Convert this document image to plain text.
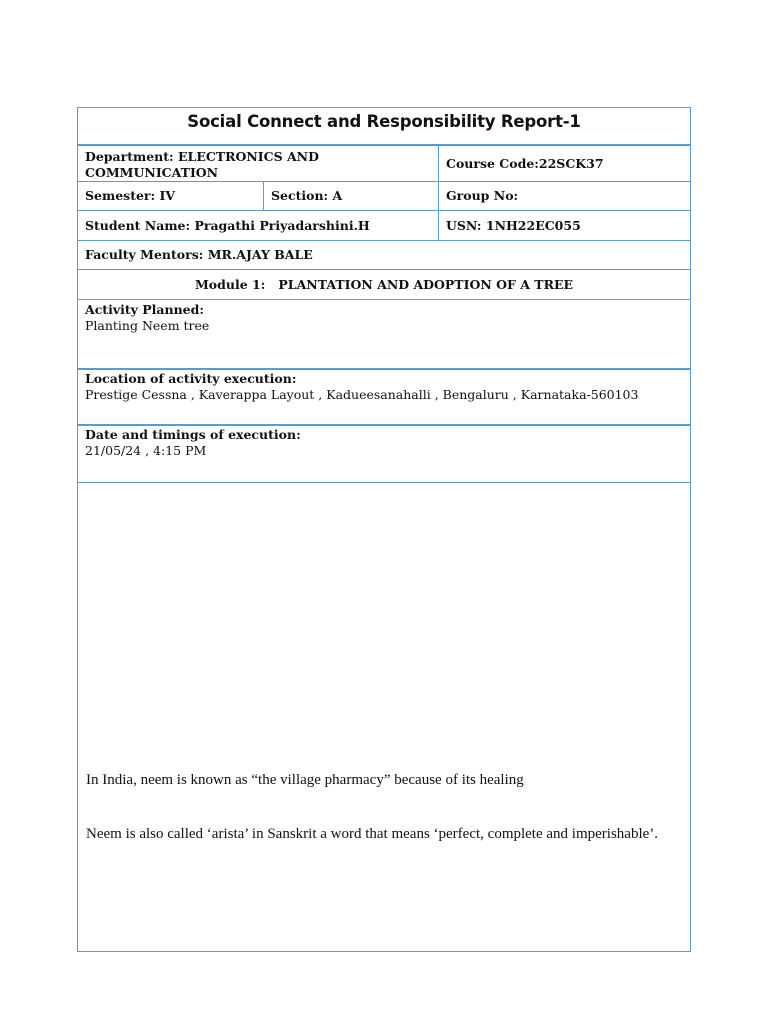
Social Connect and Responsibility Report-1
Department: ELECTRONICS AND COMMUNICATION
Course Code:22SCK37
Semester: IV	Section: A	Group No:
Student Name: Pragathi Priyadarshini.H	USN: 1NH22EC055
Faculty Mentors: MR.AJAY BALE
Module 1:   PLANTATION AND ADOPTION OF A TREE
Activity Planned:
Planting Neem tree
Location of activity execution:
Prestige Cessna , Kaverappa Layout , Kadueesanahalli , Bengaluru , Karnataka-560103
Date and timings of execution:
21/05/24 , 4:15 PM
In India, neem is known as “the village pharmacy” because of its healing
Neem is also called ‘arista’ in Sanskrit a word that means ‘perfect, complete and imperishable’.
